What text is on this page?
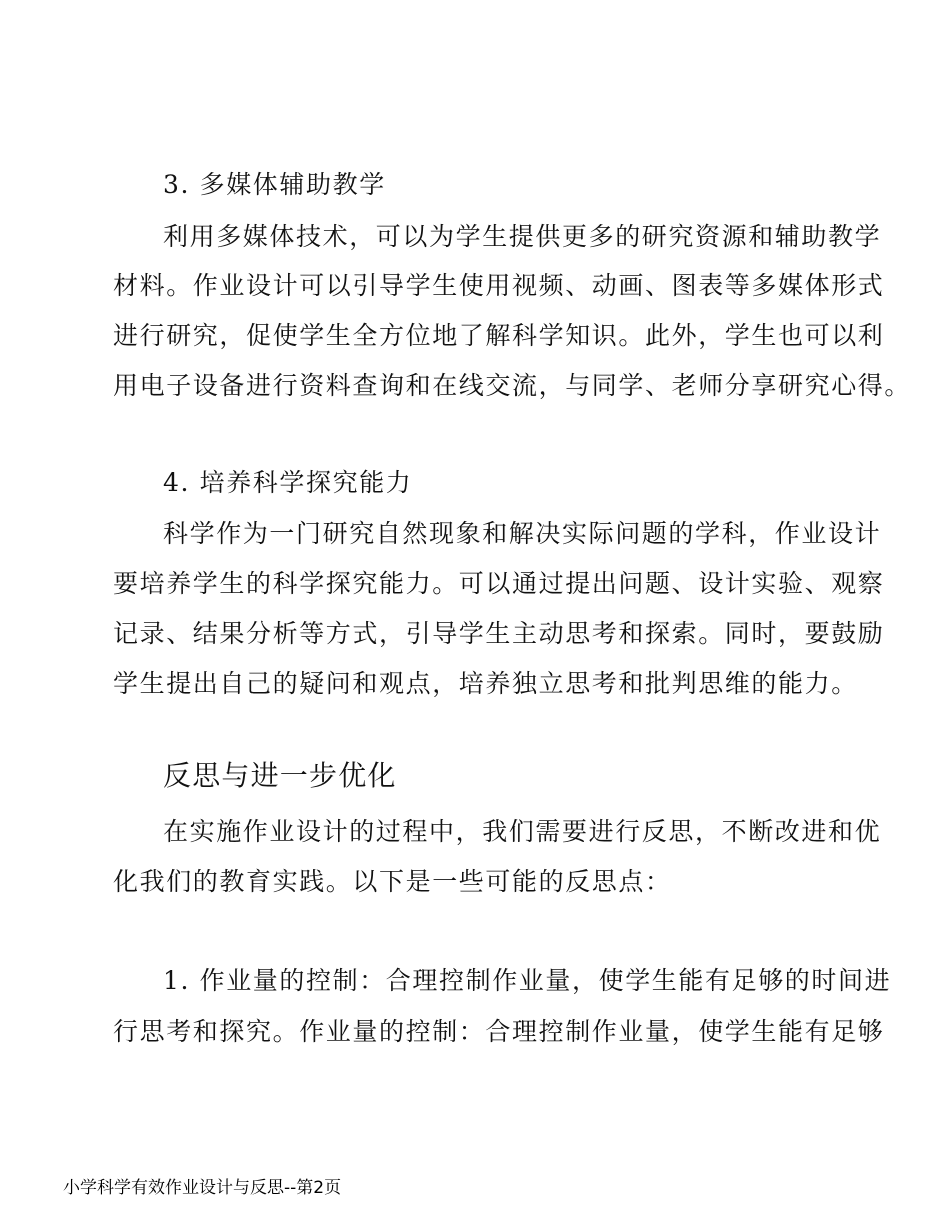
3. 多媒体辅助教学
利用多媒体技术，可以为学生提供更多的研究资源和辅助教学
材料。作业设计可以引导学生使用视频、动画、图表等多媒体形式
进行研究，促使学生全方位地了解科学知识。此外，学生也可以利
用电子设备进行资料查询和在线交流，与同学、老师分享研究心得。
4. 培养科学探究能力
科学作为一门研究自然现象和解决实际问题的学科，作业设计
要培养学生的科学探究能力。可以通过提出问题、设计实验、观察
记录、结果分析等方式，引导学生主动思考和探索。同时，要鼓励
学生提出自己的疑问和观点，培养独立思考和批判思维的能力。
反思与进一步优化
在实施作业设计的过程中，我们需要进行反思，不断改进和优
化我们的教育实践。以下是一些可能的反思点：
1. 作业量的控制：合理控制作业量，使学生能有足够的时间进
行思考和探究。作业量的控制：合理控制作业量，使学生能有足够
小学科学有效作业设计与反思--第2页
